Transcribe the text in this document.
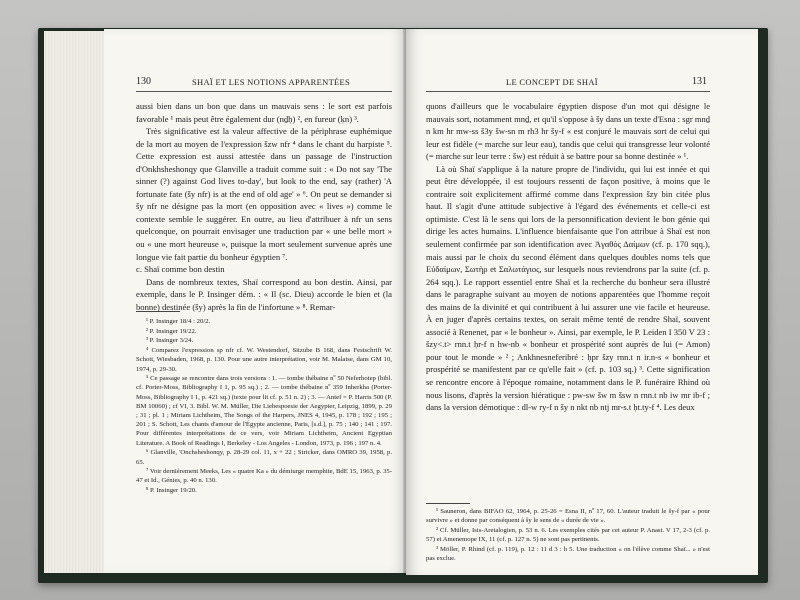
130	SHAÏ ET LES NOTIONS APPARENTÉES

aussi bien dans un bon que dans un mauvais sens : le sort est parfois favorable ¹ mais peut être également dur (nḏḥ) ², en fureur (ḳn) ³.

Très significative est la valeur affective de la périphrase euphémique de la mort au moyen de l'expression šzw nfr ⁴ dans le chant du harpiste ⁵. Cette expression est aussi attestée dans un passage de l'instruction d'Onkhsheshonqy que Glanville a traduit comme suit : « Do not say 'The sinner (?) against God lives to-day', but look to the end, say (rather) 'A fortunate fate (šy nfr) is at the end of old age' » ⁶. On peut se demander si šy nfr ne désigne pas la mort (en opposition avec « lives ») comme le contexte semble le suggérer. En outre, au lieu d'attribuer à nfr un sens quelconque, on pourrait envisager une traduction par « une belle mort » ou « une mort heureuse », puisque la mort seulement survenue après une longue vie fait partie du bonheur égyptien ⁷.

c. Shaï comme bon destin

Dans de nombreux textes, Shaï correspond au bon destin. Ainsi, par exemple, dans le P. Insinger dém. : « Il (sc. Dieu) accorde le bien et (la bonne) destinée (šy) après la fin de l'infortune » ⁸. Remar-

¹ P. Insinger 18/4 : 20/2.

² P. Insinger 19/22.

³ P. Insinger 3/24.

⁴ Comparez l'expression sp nfr cf. W. Westendorf, Sitzube B 168, dans Festschrift W. Schott, Wiesbaden, 1968, p. 130. Pour une autre interprétation, voir M. Malaise, dans GM 10, 1974, p. 29-30.

⁵ Ce passage se rencontre dans trois versions : 1. — tombe thébaine nº 50 Neferhotep (bibl. cf. Porter-Moss, Bibliography I 1, p. 95 sq.) ; 2. — tombe thébaine nº 359 Inherkha (Porter-Moss, Bibliography I 1, p. 421 sq.) (texte pour lit cf. p. 51 n. 2) ; 3. — Antef = P. Harris 500 (P. BM 10060) ; cf VI, 3. Bibl. W. M. Müller, Die Liebespoesie der Aegypter, Leipzig, 1899, p. 29 ; 31 ; pl. 1 ; Miriam Lichtheim, The Songs of the Harpers, JNES 4, 1945, p. 178 ; 192 ; 195 ; 201 ; S. Schott, Les chants d'amour de l'Égypte ancienne, Paris, [s.d.], p. 75 ; 140 ; 141 ; 197. Pour différentes interprétations de ce vers, voir Miriam Lichtheim, Ancient Egyptian Literature. A Book of Readings I, Berkeley - Los Angeles - London, 1973, p. 196 ; 197 n. 4.

⁶ Glanville, 'Onchsheshonqy, p. 28-29 col. 11, x + 22 ; Stricker, dans OMRO 39, 1958, p. 65.

⁷ Voir dernièrement Meeks, Les « quatre Ka » du démiurge memphite, BdE 15, 1963, p. 35-47 et Id., Génies, p. 40 n. 130.

⁸ P. Insinger 19/20.

LE CONCEPT DE SHAÏ	131

quons d'ailleurs que le vocabulaire égyptien dispose d'un mot qui désigne le mauvais sort, notamment mnḏ, et qu'il s'oppose à šy dans un texte d'Esna : sgr mnḏ n km hr mw-ss š3y šw-sn m rh3 hr šy-f « est conjuré le mauvais sort de celui qui leur est fidèle (= marche sur leur eau), tandis que celui qui transgresse leur volonté (= marche sur leur terre : šw) est réduit à se battre pour sa bonne destinée » ¹.

Là où Shaï s'applique à la nature propre de l'individu, qui lui est innée et qui peut être développée, il est toujours ressenti de façon positive, à moins que le contraire soit explicitement affirmé comme dans l'expression šzy bin citée plus haut. Il s'agit d'une attitude subjective à l'égard des événements et celle-ci est optimiste. C'est là le sens qui lors de la personnification devient le bon génie qui dirige les actes humains. L'influence bienfaisante que l'on attribue à Shaï est non seulement confirmée par son identification avec Ἀγαθὸς Δαίμων (cf. p. 170 sqq.), mais aussi par le choix du second élément dans quelques doubles noms tels que Εὐδαίμων, Σωτὴρ et Σαλωτάγιος, sur lesquels nous reviendrons par la suite (cf. p. 264 sqq.). Le rapport essentiel entre Shaï et la recherche du bonheur sera illustré dans le paragraphe suivant au moyen de notions apparentées que l'homme reçoit des mains de la divinité et qui contribuent à lui assurer une vie facile et heureuse. À en juger d'après certains textes, on serait même tenté de rendre Shaï, souvent associé à Renenet, par « le bonheur ». Ainsi, par exemple, le P. Leiden I 350 V 23 : šzy<.t> rnn.t ḥr-f n hw-nb « bonheur et prospérité sont auprès de lui (= Amon) pour tout le monde » ² ; Ankhnesneferibré : ḥpr šzy rnn.t n ir.n-s « bonheur et prospérité se manifestent par ce qu'elle fait » (cf. p. 103 sq.) ³. Cette signification se rencontre encore à l'époque romaine, notamment dans le P. funéraire Rhind où nous lisons, d'après la version hiératique : pw-sw šw m šsw n rnn.t nb iw mr ib-f ; dans la version démotique : dl-w ry-f n šy n nkt nb ntj mr-s.t ḥt.ty-f ⁴. Les deux

¹ Sauneron, dans BIFAO 62, 1964, p. 25-26 = Esna II, nº 17, 60. L'auteur traduit le šy-f par « pour survivre » et donne par conséquent à šy le sens de « durée de vie ».

² Cf. Müller, Isis-Aretalogien, p. 53 n. 6. Les exemples cités par cet auteur P. Anast. V 17, 2-3 (cf. p. 57) et Amenemope IX, 11 (cf. p. 127 n. 5) ne sont pas pertinents.

³ Möller, P. Rhind (cf. p. 119), p. 12 : 11 d 3 : h 5. Une traduction « on l'élève comme Shaï... » n'est pas exclue.
